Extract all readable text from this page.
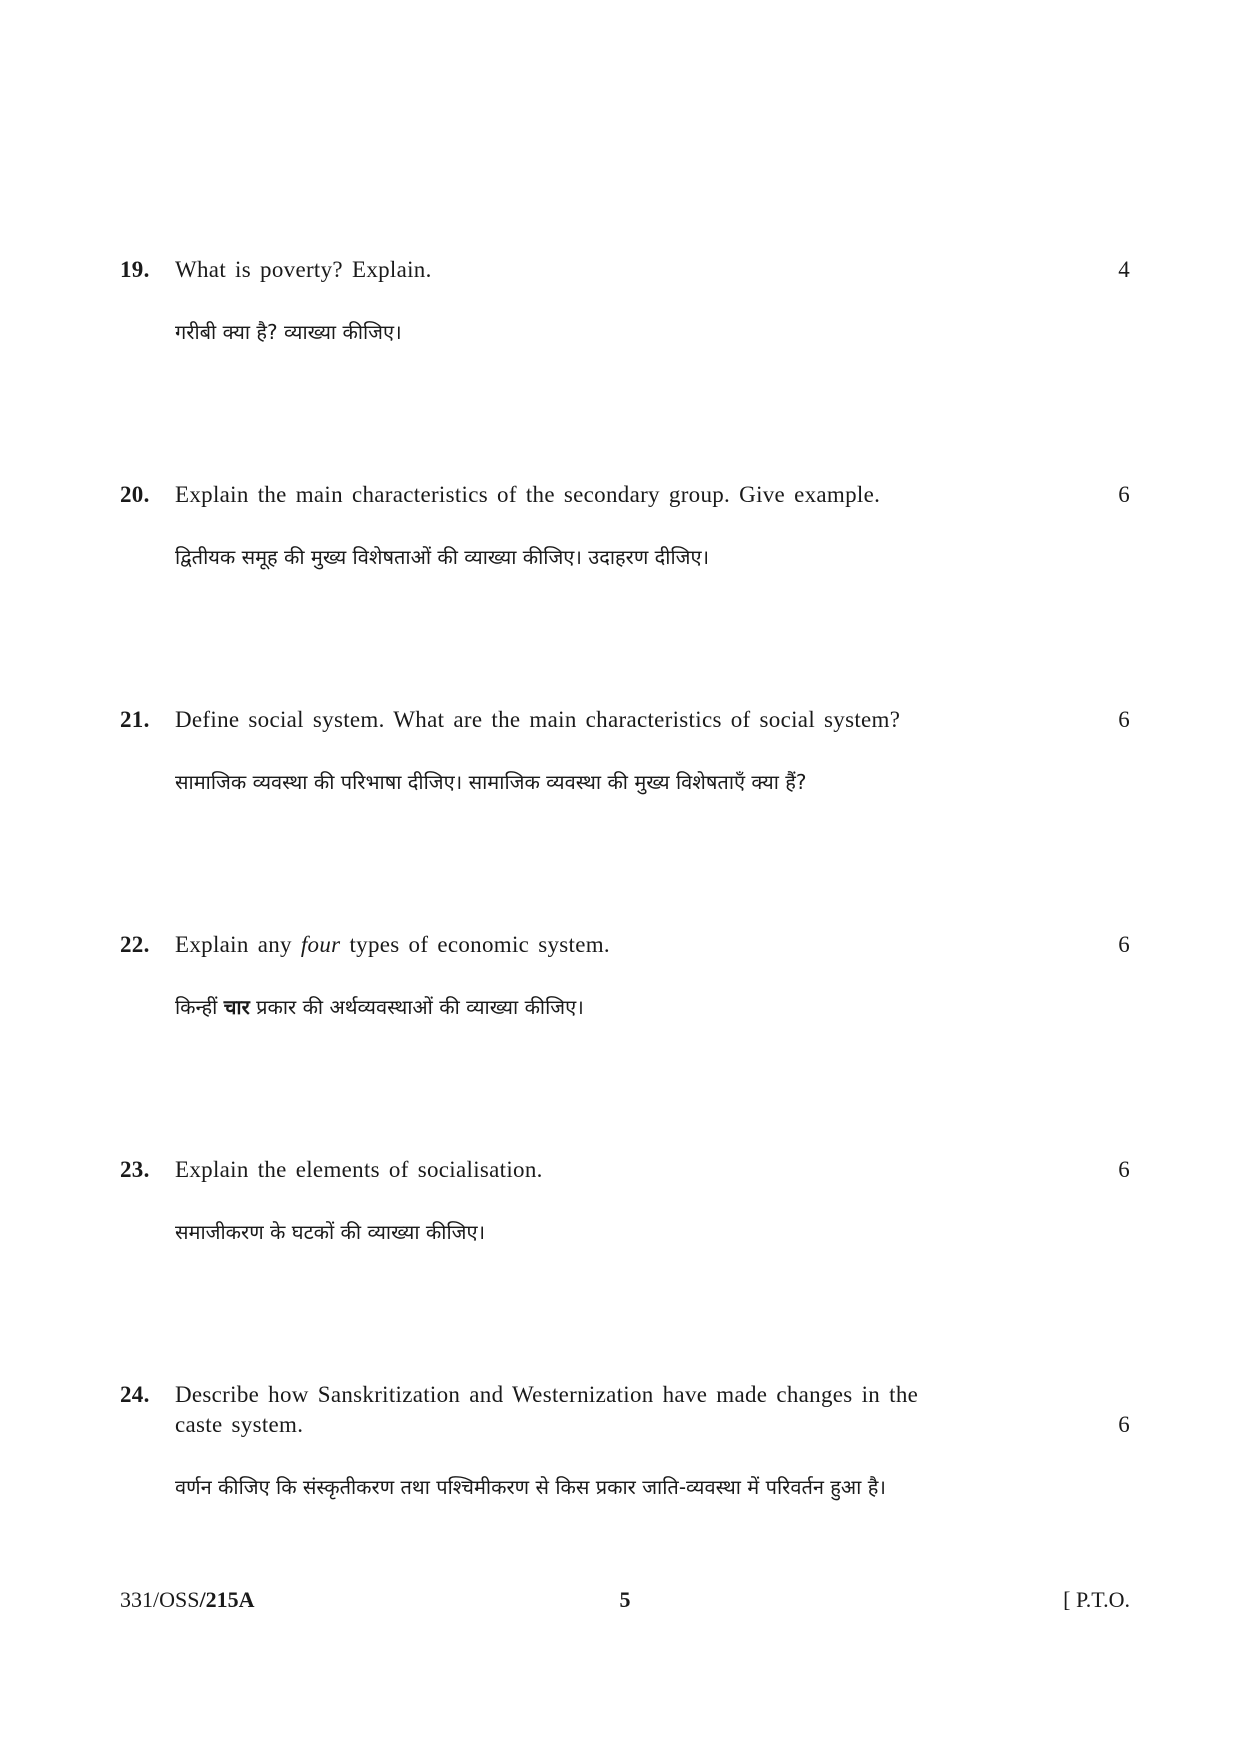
19.	What is poverty? Explain.	4
गरीबी क्या है? व्याख्या कीजिए।
20.	Explain the main characteristics of the secondary group. Give example.	6
द्वितीयक समूह की मुख्य विशेषताओं की व्याख्या कीजिए। उदाहरण दीजिए।
21.	Define social system. What are the main characteristics of social system?	6
सामाजिक व्यवस्था की परिभाषा दीजिए। सामाजिक व्यवस्था की मुख्य विशेषताएँ क्या हैं?
22.	Explain any four types of economic system.	6
किन्हीं चार प्रकार की अर्थव्यवस्थाओं की व्याख्या कीजिए।
23.	Explain the elements of socialisation.	6
समाजीकरण के घटकों की व्याख्या कीजिए।
24.	Describe how Sanskritization and Westernization have made changes in the
caste system.	6
वर्णन कीजिए कि संस्कृतीकरण तथा पश्चिमीकरण से किस प्रकार जाति-व्यवस्था में परिवर्तन हुआ है।
331/OSS/215A	5	[ P.T.O.
